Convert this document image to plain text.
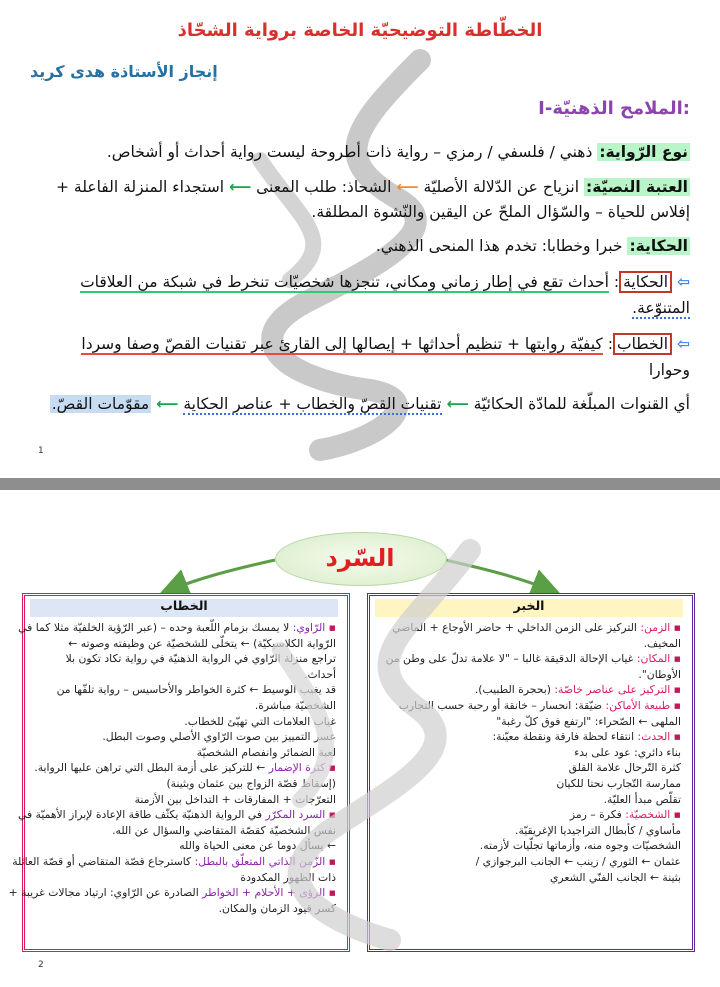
الخطّاطة التوضيحيّة الخاصة برواية الشحّاذ
إنجاز الأستاذة هدى كريد
I-الملامح الذهنيّة:
نوع الرّواية: ذهني / فلسفي / رمزي – رواية ذات أطروحة ليست رواية أحداث أو أشخاص.
العتبة النصيّة: انزياح عن الدّلالة الأصليّة ⟵ الشحاذ: طلب المعنى ⟵ استجداء المنزلة الفاعلة +
إفلاس للحياة – والسّؤال الملحّ عن اليقين والنّشوة المطلقة.
الحكاية: خبرا وخطابا: تخدم هذا المنحى الذهني.
⇦ الحكاية: أحداث تقع في إطار زماني ومكاني، تنجزها شخصيّات تنخرط في شبكة من العلاقات
المتنوّعة.
⇦ الخطاب: كيفيّة روايتها + تنظيم أحداثها + إيصالها إلى القارئ عبر تقنيات القصّ وصفا وسردا
وحوارا
أي القنوات المبلّغة للمادّة الحكائيّة ⟵ تقنيات القصّ والخطاب + عناصر الحكاية ⟵ مقوّمات القصّ.
1
السّرد
الخطاب
▪ الرّاوي: لا يمسك بزمام اللّعبة وحده – (عبر الرّؤية الخلفيّة مثلا كما في
الرّواية الكلاسيكيّة) ← يتخلّى للشخصيّة عن وظيفته وصوته ←
تراجع منزلة الرّاوي في الرواية الذهنيّة في رواية تكاد تكون بلا
أحداث.
قد يغيب الوسيط ← كثرة الخواطر والأحاسيس – رواية تلفّها من
الشخصيّة مباشرة.
غياب العلامات التي تهيّئ للخطاب.
عسر التمييز بين صوت الرّاوي الأصلي وصوت البطل.
لعبة الضمائر وانفصام الشخصيّة
▪ كثرة الإضمار ← للتركيز على أزمة البطل التي تراهن عليها الرواية.
(إسقاط قصّة الزواج بين عثمان وبثينة)
التعرّجات + المفارقات + التداخل بين الأزمنة
▪ السرد المكرّر في الرواية الذهنيّة يكثّف طاقة الإعادة لإبراز الأهميّة في
نفس الشخصيّة كقصّة المتقاضي والسؤال عن الله.
← يسأل دوما عن معنى الحياة والله
▪ الزّمن الذاتي المتعلّق بالبطل: كاسترجاع قصّة المتقاضي أو قصّة العائلة
ذات الظهور المكدودة
▪ الرؤى + الأحلام + الخواطر الصادرة عن الرّاوي: ارتياد مجالات غريبة +
كسر قيود الزمان والمكان.
الخبر
▪ الزمن: التركيز على الزمن الداخلي + حاضر الأوجاع + الماضي
المخيف.
▪ المكان: غياب الإحالة الدقيقة غالبا – "لا علامة تدلّ على وطن من
الأوطان".
▪ التركيز على عناصر خاصّة: (بحجرة الطبيب).
▪ طبيعة الأماكن: ضيّقة: انحسار – خانقة أو رحبة حسب التجارب
الملهى ← الصّحراء: "ارتفع فوق كلّ رغبة"
▪ الحدث: انتقاء لحظة فارقة ونقطة معيّنة:
بناء دائري: عود على بدء
كثرة التّرحال علامة القلق
ممارسة التّجارب نحتا للكيان
تقلّص مبدأ العليّة.
▪ الشخصيّة: فكرة – رمز
مأساوي / كأبطال التراجيديا الإغريقيّة.
الشخصيّات وجوه منه، وأزماتها تجلّيات لأزمته.
عثمان ← الثوري / زينب ← الجانب البرجوازي /
بثينة ← الجانب الفنّي الشعري
2
